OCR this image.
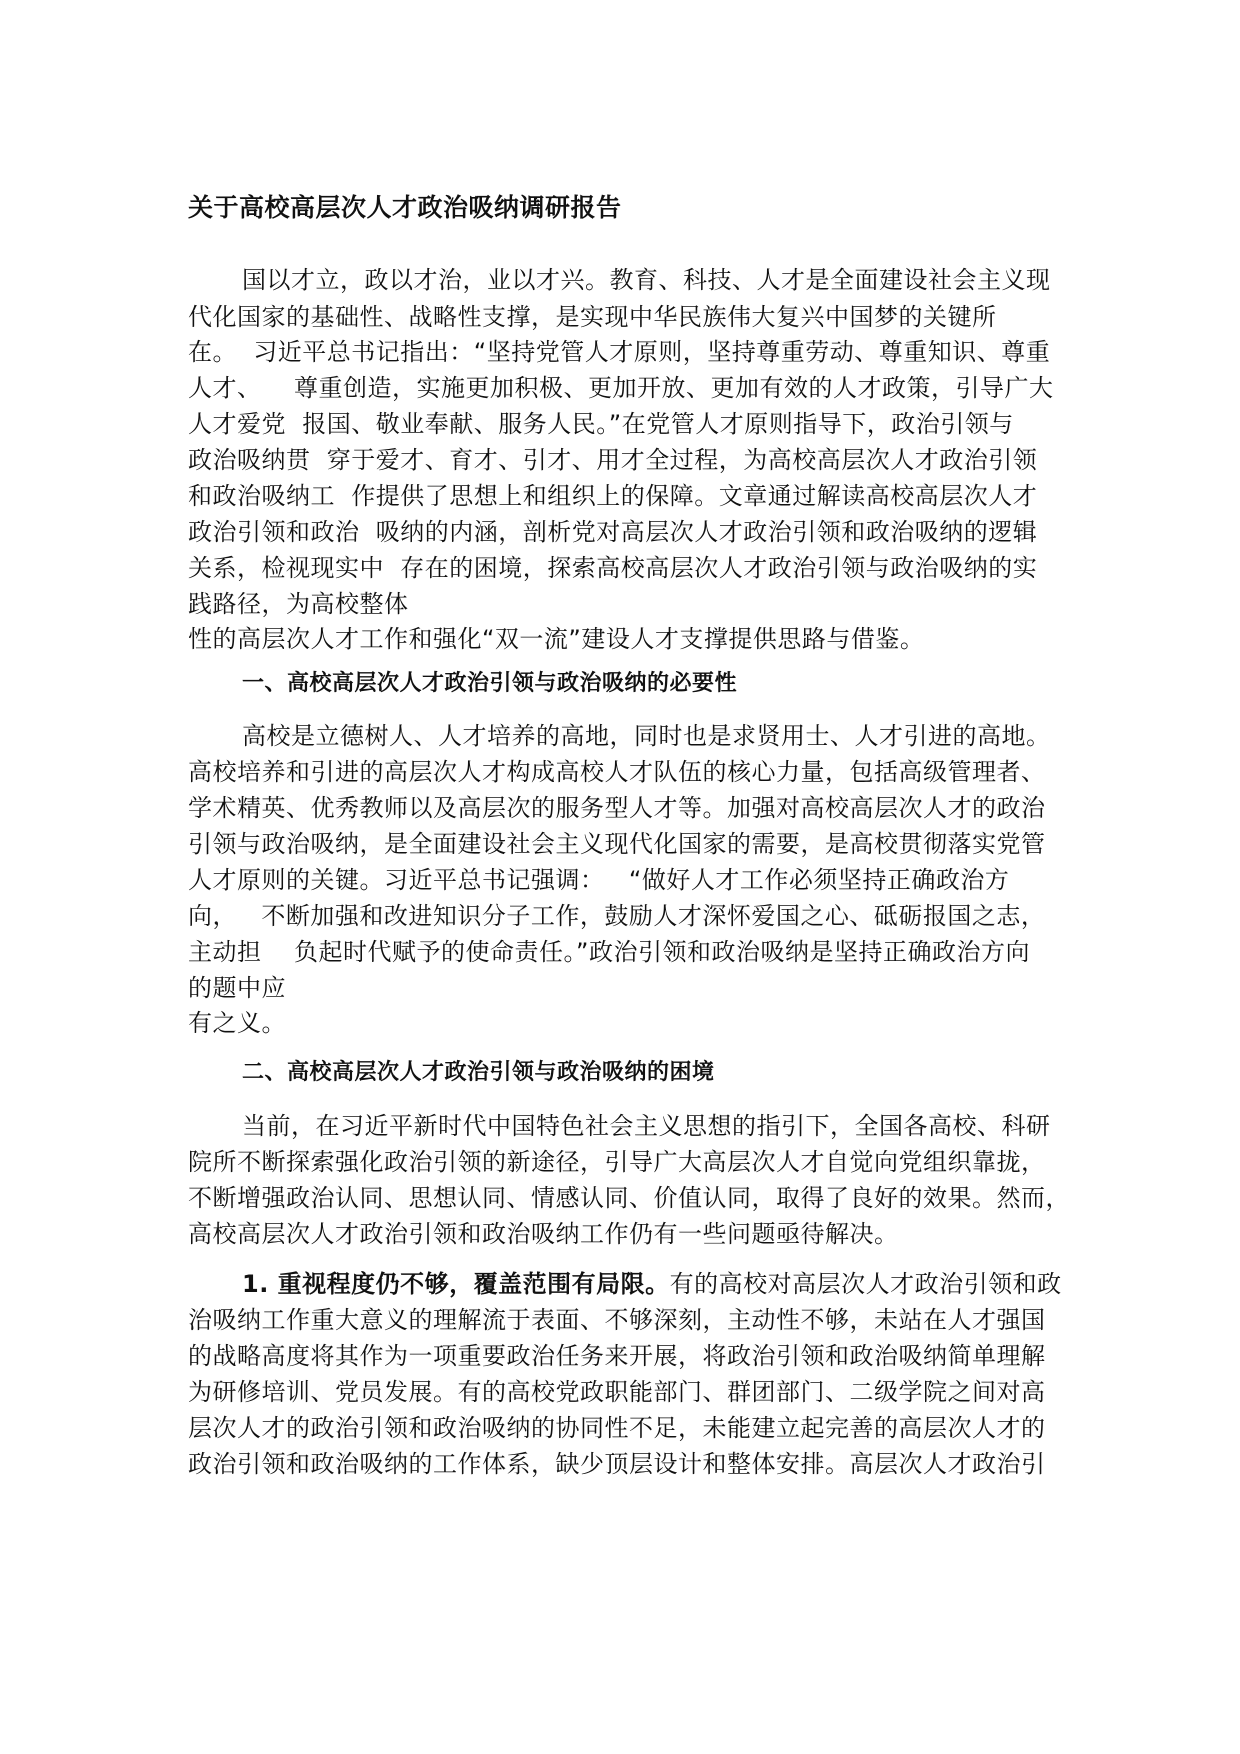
关于高校高层次人才政治吸纳调研报告
国以才立，政以才治，业以才兴。教育、科技、人才是全面建设社会主义现
代化国家的基础性、战略性支撑，是实现中华民族伟大复兴中国梦的关键所
在。  习近平总书记指出：“坚持党管人才原则，坚持尊重劳动、尊重知识、尊重
人才、    尊重创造，实施更加积极、更加开放、更加有效的人才政策，引导广大
人才爱党  报国、敬业奉献、服务人民。”在党管人才原则指导下，政治引领与
政治吸纳贯  穿于爱才、育才、引才、用才全过程，为高校高层次人才政治引领
和政治吸纳工  作提供了思想上和组织上的保障。文章通过解读高校高层次人才
政治引领和政治  吸纳的内涵，剖析党对高层次人才政治引领和政治吸纳的逻辑
关系，检视现实中  存在的困境，探索高校高层次人才政治引领与政治吸纳的实
践路径，为高校整体
性的高层次人才工作和强化“双一流”建设人才支撑提供思路与借鉴。
一、高校高层次人才政治引领与政治吸纳的必要性
高校是立德树人、人才培养的高地，同时也是求贤用士、人才引进的高地。
高校培养和引进的高层次人才构成高校人才队伍的核心力量，包括高级管理者、
学术精英、优秀教师以及高层次的服务型人才等。加强对高校高层次人才的政治
引领与政治吸纳，是全面建设社会主义现代化国家的需要，是高校贯彻落实党管
人才原则的关键。习近平总书记强调：   “做好人才工作必须坚持正确政治方
向，   不断加强和改进知识分子工作，鼓励人才深怀爱国之心、砥砺报国之志，
主动担    负起时代赋予的使命责任。”政治引领和政治吸纳是坚持正确政治方向
的题中应
有之义。
二、高校高层次人才政治引领与政治吸纳的困境
当前，在习近平新时代中国特色社会主义思想的指引下，全国各高校、科研
院所不断探索强化政治引领的新途径，引导广大高层次人才自觉向党组织靠拢，
不断增强政治认同、思想认同、情感认同、价值认同，取得了良好的效果。然而，
高校高层次人才政治引领和政治吸纳工作仍有一些问题亟待解决。
1. 重视程度仍不够，覆盖范围有局限。有的高校对高层次人才政治引领和政
治吸纳工作重大意义的理解流于表面、不够深刻，主动性不够，未站在人才强国
的战略高度将其作为一项重要政治任务来开展，将政治引领和政治吸纳简单理解
为研修培训、党员发展。有的高校党政职能部门、群团部门、二级学院之间对高
层次人才的政治引领和政治吸纳的协同性不足，未能建立起完善的高层次人才的
政治引领和政治吸纳的工作体系，缺少顶层设计和整体安排。高层次人才政治引
